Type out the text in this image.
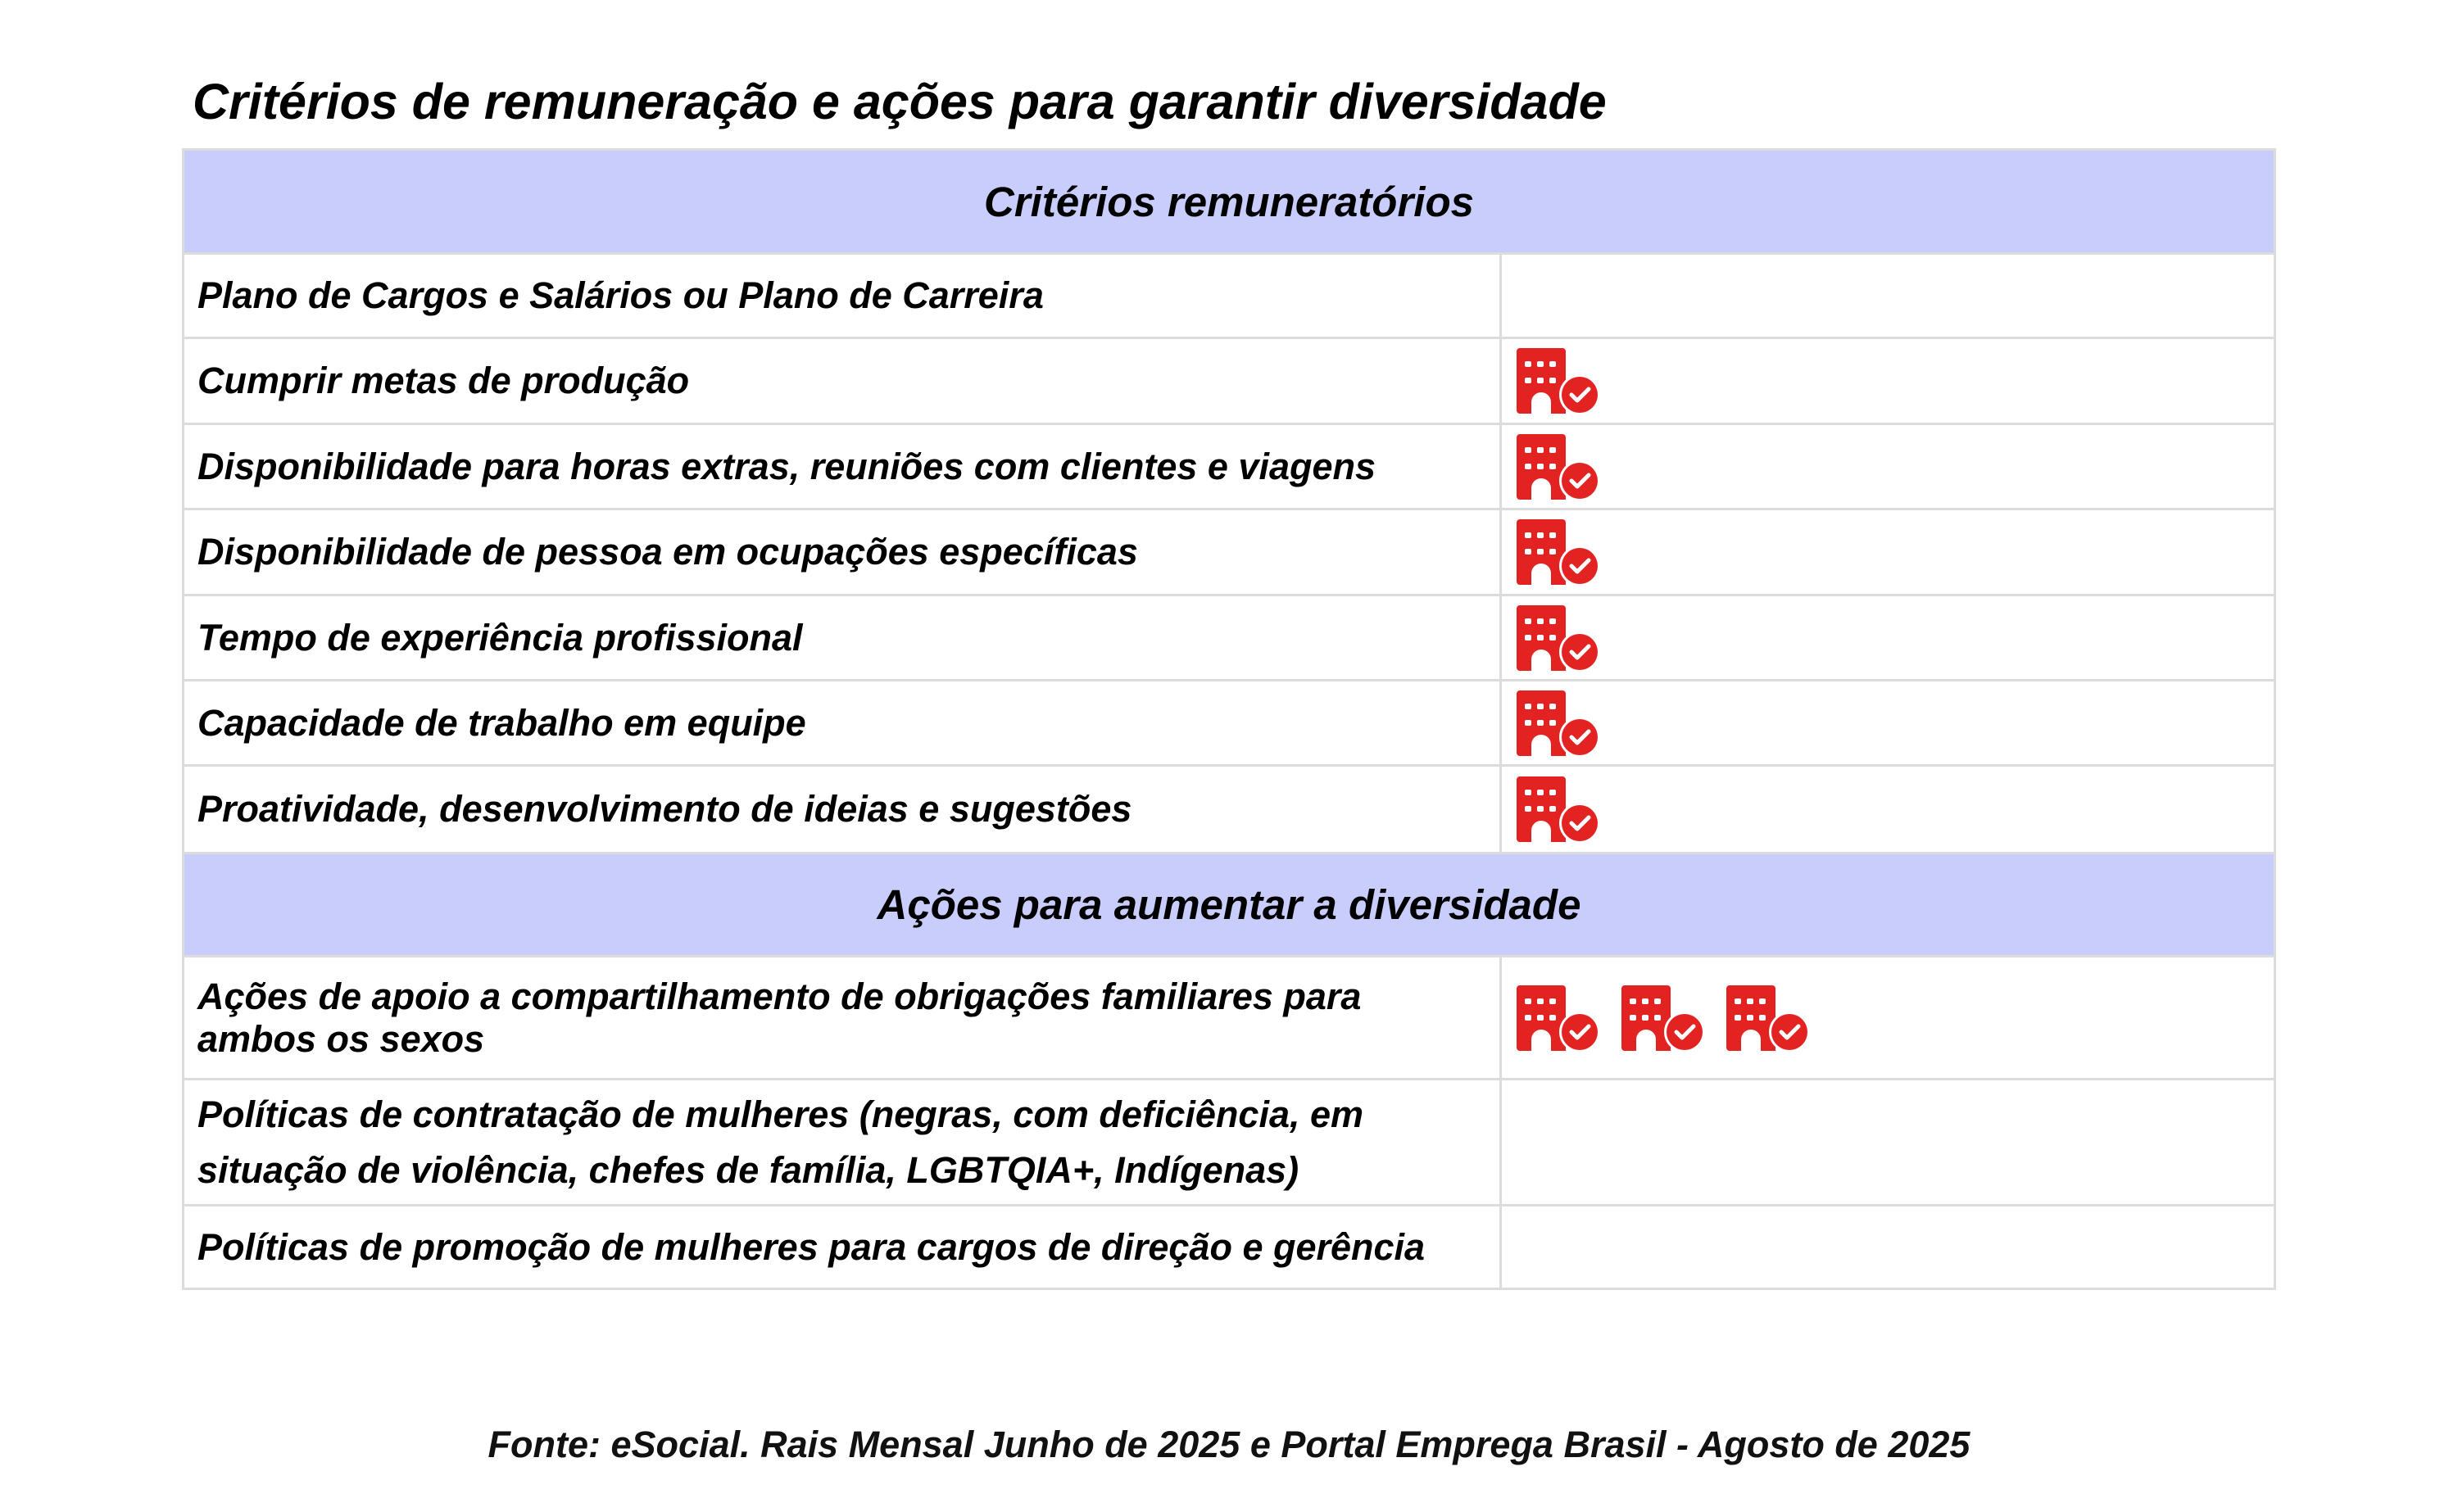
Critérios de remuneração e ações para garantir diversidade
Critérios remuneratórios
Plano de Cargos e Salários ou Plano de Carreira
Cumprir metas de produção
Disponibilidade para horas extras, reuniões com clientes e viagens
Disponibilidade de pessoa em ocupações específicas
Tempo de experiência profissional
Capacidade de trabalho em equipe
Proatividade, desenvolvimento de ideias e sugestões
Ações para aumentar a diversidade
Ações de apoio a compartilhamento de obrigações familiares para ambos os sexos
Políticas de contratação de mulheres (negras, com deficiência, em situação de violência, chefes de família, LGBTQIA+, Indígenas)
Políticas de promoção de mulheres para cargos de direção e gerência
Fonte: eSocial. Rais Mensal Junho de 2025 e Portal Emprega Brasil - Agosto de 2025
